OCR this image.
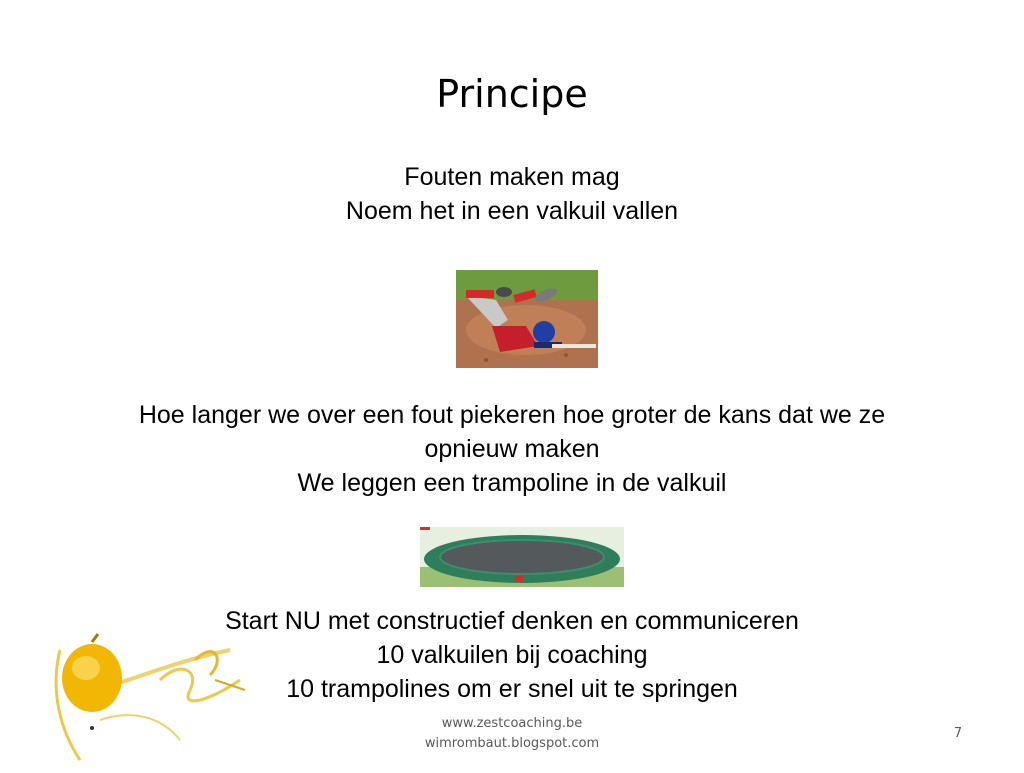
Principe
Fouten maken mag
Noem het in een valkuil vallen
Hoe langer we over een fout piekeren hoe groter de kans dat we ze
opnieuw maken
We leggen een trampoline in de valkuil
Start NU met constructief denken en communiceren
10 valkuilen bij coaching
10 trampolines om er snel uit te springen
www.zestcoaching.be
wimrombaut.blogspot.com
7
